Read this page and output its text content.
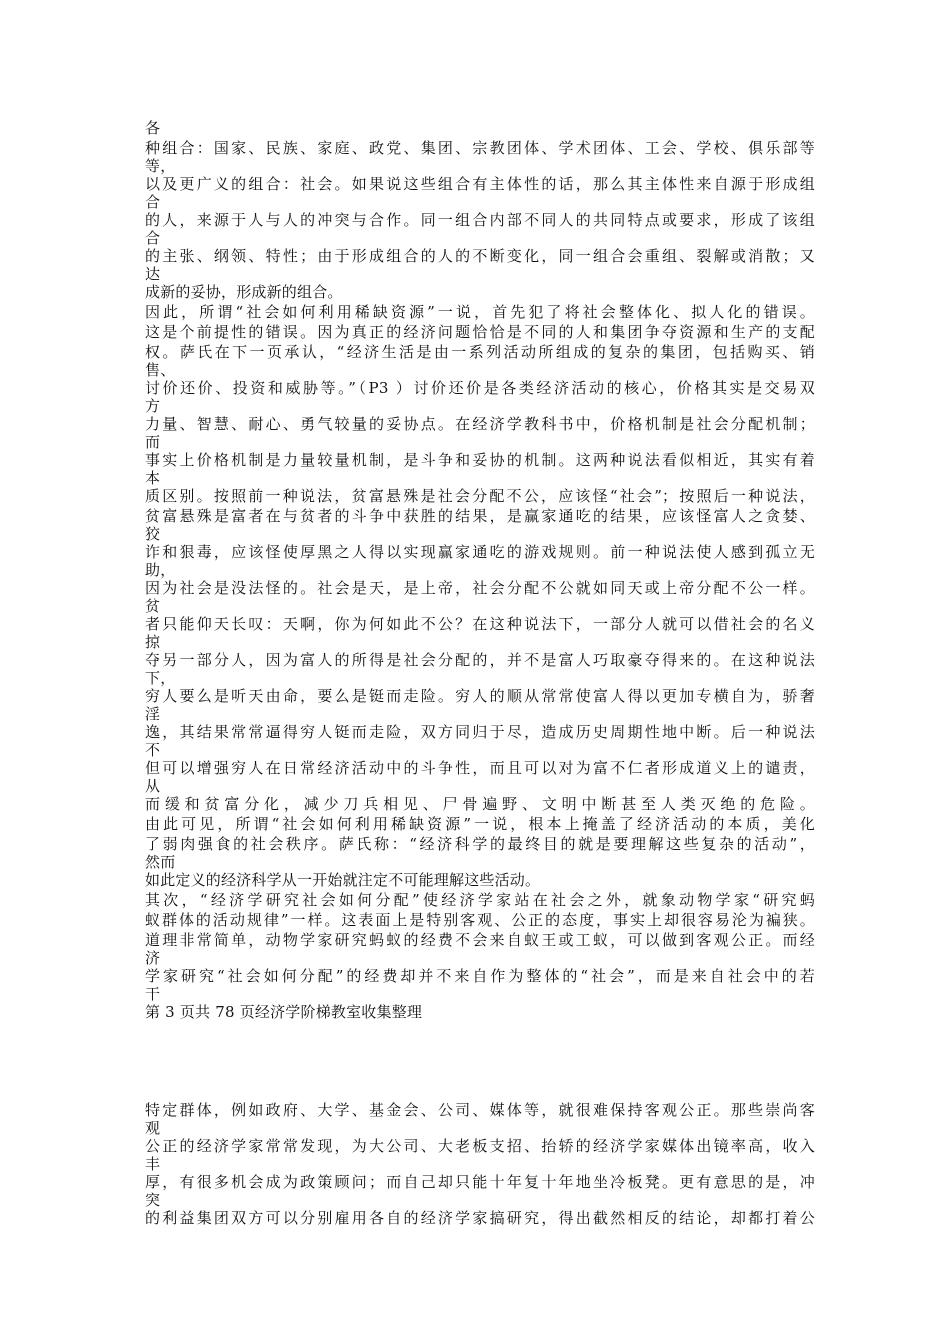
各
种组合：国家、民族、家庭、政党、集团、宗教团体、学术团体、工会、学校、俱乐部等
等，
以及更广义的组合：社会。如果说这些组合有主体性的话，那么其主体性来自源于形成组
合
的人，来源于人与人的冲突与合作。同一组合内部不同人的共同特点或要求，形成了该组
合
的主张、纲领、特性；由于形成组合的人的不断变化，同一组合会重组、裂解或消散；又
达
成新的妥协，形成新的组合。
因此，所谓“社会如何利用稀缺资源”一说，首先犯了将社会整体化、拟人化的错误。
这是个前提性的错误。因为真正的经济问题恰恰是不同的人和集团争夺资源和生产的支配
权。萨氏在下一页承认，“经济生活是由一系列活动所组成的复杂的集团，包括购买、销
售、
讨价还价、投资和威胁等。”（P3 ）讨价还价是各类经济活动的核心，价格其实是交易双
方
力量、智慧、耐心、勇气较量的妥协点。在经济学教科书中，价格机制是社会分配机制；
而
事实上价格机制是力量较量机制，是斗争和妥协的机制。这两种说法看似相近，其实有着
本
质区别。按照前一种说法，贫富悬殊是社会分配不公，应该怪“社会”；按照后一种说法，
贫富悬殊是富者在与贫者的斗争中获胜的结果，是赢家通吃的结果，应该怪富人之贪婪、
狡
诈和狠毒，应该怪使厚黑之人得以实现赢家通吃的游戏规则。前一种说法使人感到孤立无
助，
因为社会是没法怪的。社会是天，是上帝，社会分配不公就如同天或上帝分配不公一样。
贫
者只能仰天长叹：天啊，你为何如此不公？在这种说法下，一部分人就可以借社会的名义
掠
夺另一部分人，因为富人的所得是社会分配的，并不是富人巧取豪夺得来的。在这种说法
下，
穷人要么是听天由命，要么是铤而走险。穷人的顺从常常使富人得以更加专横自为，骄奢
淫
逸，其结果常常逼得穷人铤而走险，双方同归于尽，造成历史周期性地中断。后一种说法
不
但可以增强穷人在日常经济活动中的斗争性，而且可以对为富不仁者形成道义上的谴责，
从
而缓和贫富分化，减少刀兵相见、尸骨遍野、文明中断甚至人类灭绝的危险。
由此可见，所谓“社会如何利用稀缺资源”一说，根本上掩盖了经济活动的本质，美化
了弱肉强食的社会秩序。萨氏称：“经济科学的最终目的就是要理解这些复杂的活动”，
然而
如此定义的经济科学从一开始就注定不可能理解这些活动。
其次，“经济学研究社会如何分配”使经济学家站在社会之外，就象动物学家“研究蚂
蚁群体的活动规律”一样。这表面上是特别客观、公正的态度，事实上却很容易沦为褊狭。
道理非常简单，动物学家研究蚂蚁的经费不会来自蚁王或工蚁，可以做到客观公正。而经
济
学家研究“社会如何分配”的经费却并不来自作为整体的“社会”，而是来自社会中的若
干
第 3 页共 78 页经济学阶梯教室收集整理
特定群体，例如政府、大学、基金会、公司、媒体等，就很难保持客观公正。那些崇尚客
观
公正的经济学家常常发现，为大公司、大老板支招、抬轿的经济学家媒体出镜率高，收入
丰
厚，有很多机会成为政策顾问；而自己却只能十年复十年地坐冷板凳。更有意思的是，冲
突
的利益集团双方可以分别雇用各自的经济学家搞研究，得出截然相反的结论，却都打着公
